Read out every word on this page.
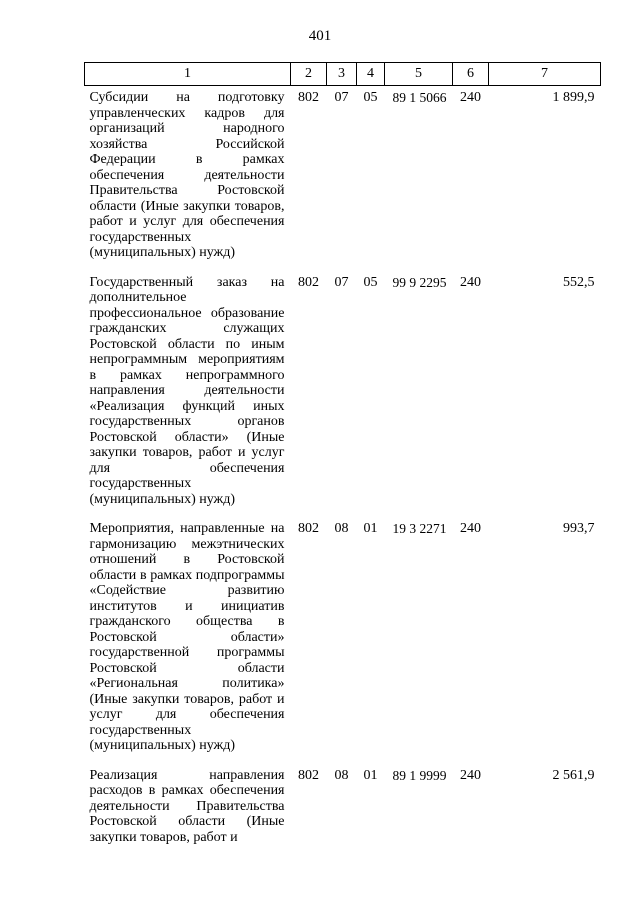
401
1	2	3	4	5	6	7
Субсидии на подготовку управленческих кадров для организаций народного хозяйства Российской Федерации в рамках обеспечения деятельности Правительства Ростовской области (Иные закупки товаров, работ и услуг для обеспечения государственных (муниципальных) нужд)	802	07	05	89 1 5066	240	1 899,9
Государственный заказ на дополнительное профессиональное образование гражданских служащих Ростовской области по иным непрограммным мероприятиям в рамках непрограммного направления деятельности «Реализация функций иных государственных органов Ростовской области» (Иные закупки товаров, работ и услуг для обеспечения государственных (муниципальных) нужд)	802	07	05	99 9 2295	240	552,5
Мероприятия, направленные на гармонизацию межэтнических отношений в Ростовской области в рамках подпрограммы «Содействие развитию институтов и инициатив гражданского общества в Ростовской области» государственной программы Ростовской области «Региональная политика» (Иные закупки товаров, работ и услуг для обеспечения государственных (муниципальных) нужд)	802	08	01	19 3 2271	240	993,7
Реализация направления расходов в рамках обеспечения деятельности Правительства Ростовской области (Иные закупки товаров, работ и	802	08	01	89 1 9999	240	2 561,9
